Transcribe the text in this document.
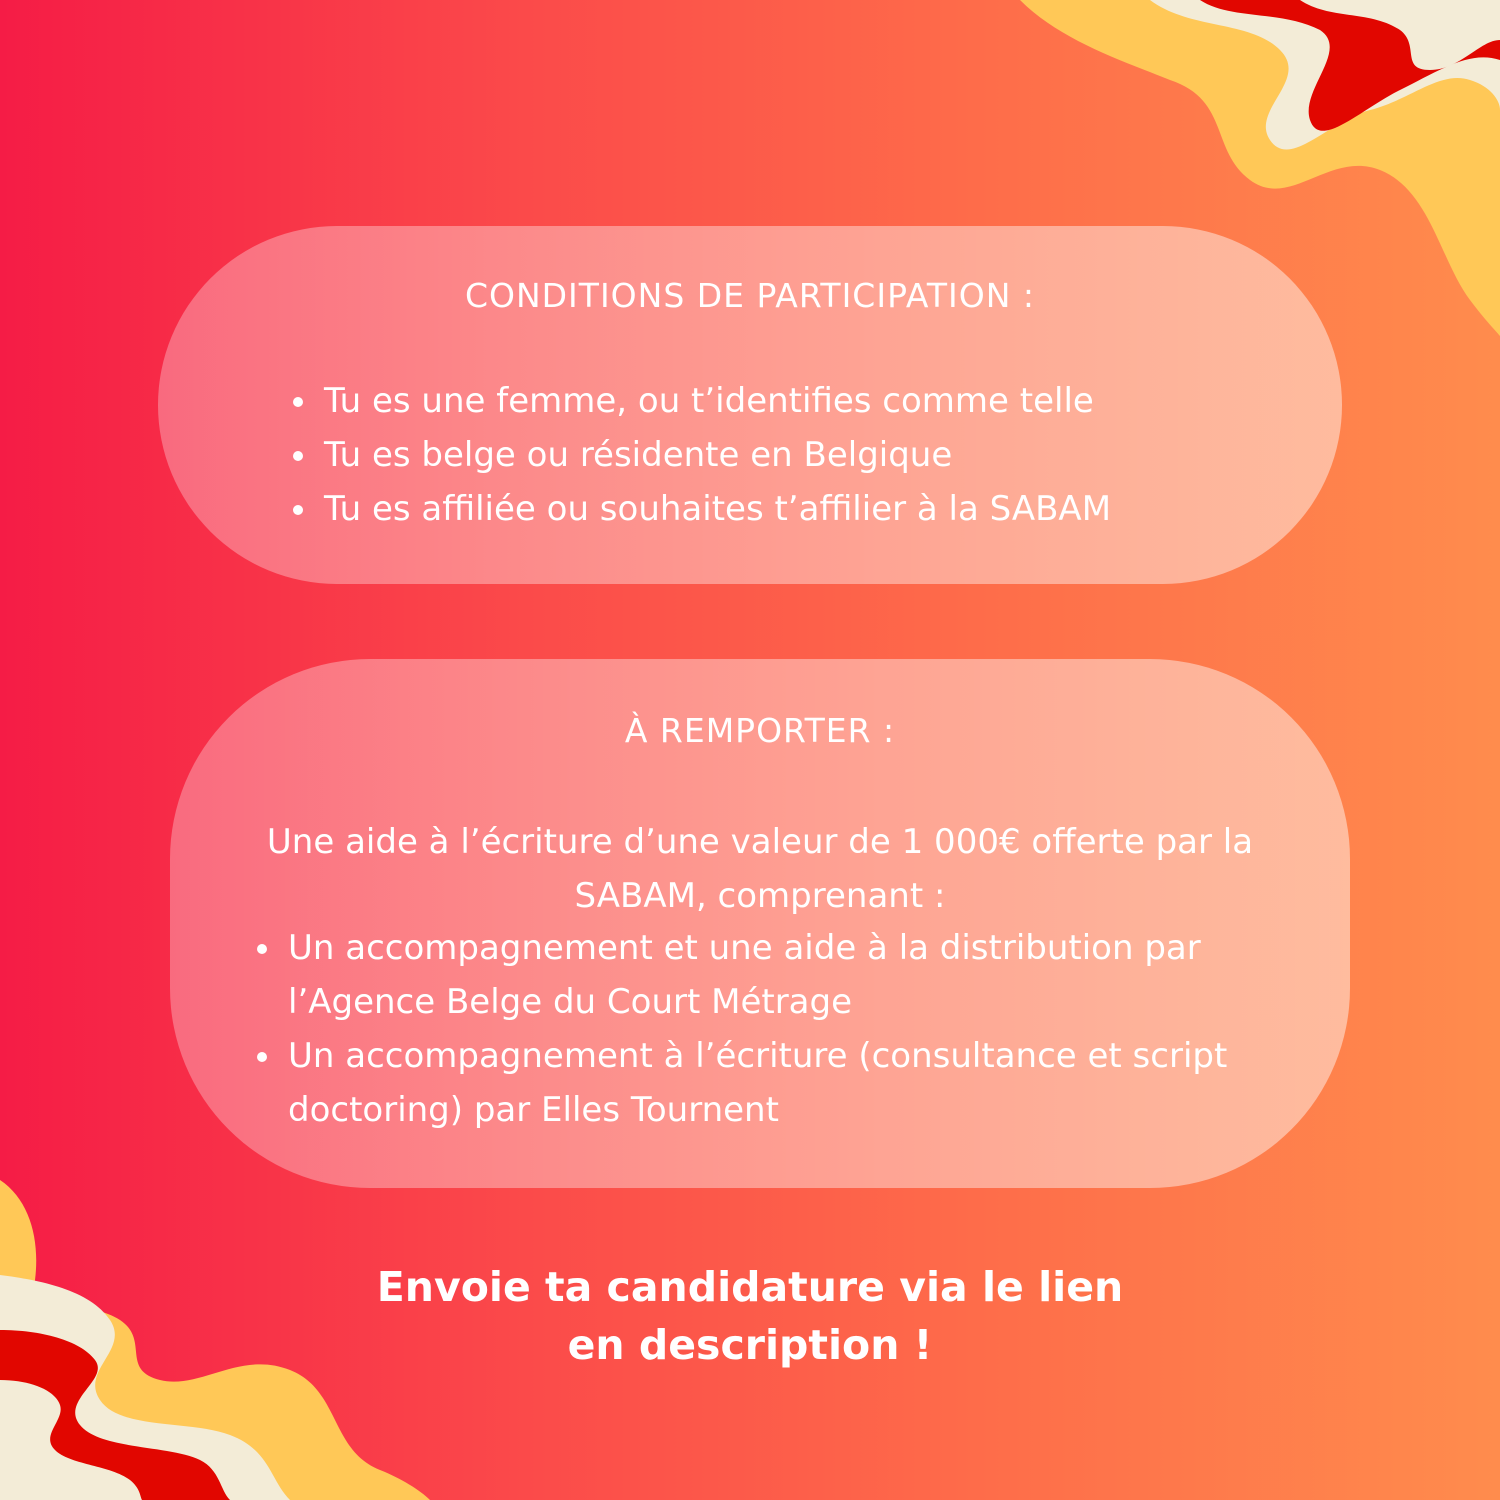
CONDITIONS DE PARTICIPATION :
Tu es une femme, ou t’identifies comme telle
Tu es belge ou résidente en Belgique
Tu es affiliée ou souhaites t’affilier à la SABAM
À REMPORTER :

Une aide à l’écriture d’une valeur de 1 000€ offerte par la SABAM, comprenant :

Un accompagnement et une aide à la distribution par l’Agence Belge du Court Métrage
Un accompagnement à l’écriture (consultance et script doctoring) par Elles Tournent

Envoie ta candidature via le lien
en description !
